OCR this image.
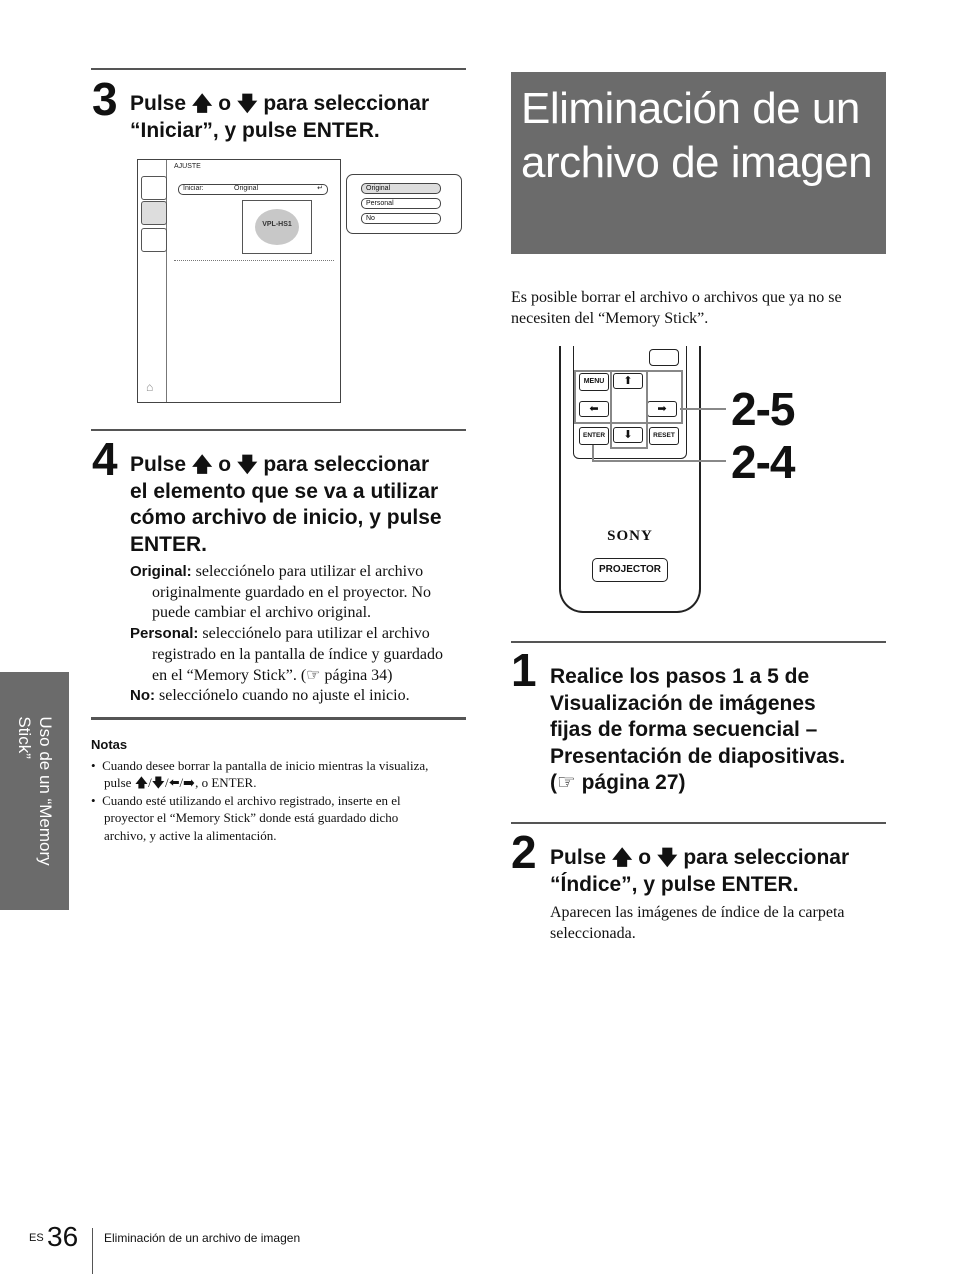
3 Pulse 🡅 o 🡇 para seleccionar
“Iniciar”, y pulse ENTER.
AJUSTE
⌂
Iniciar:	Original	↵
VPL-HS1
Original
Personal
No
4 Pulse 🡅 o 🡇 para seleccionar
el elemento que se va a utilizar
cómo archivo de inicio, y pulse
ENTER.
Original: selecciónelo para utilizar el archivo
originalmente guardado en el proyector. No
puede cambiar el archivo original.
Personal: selecciónelo para utilizar el archivo
registrado en la pantalla de índice y guardado
en el “Memory Stick”. (☞ página 34)
No: selecciónelo cuando no ajuste el inicio.
Notas
•  Cuando desee borrar la pantalla de inicio mientras la visualiza,
pulse 🡅/🡇/⬅/➡, o ENTER.
•  Cuando esté utilizando el archivo registrado, inserte en el
proyector el “Memory Stick” donde está guardado dicho
archivo, y active la alimentación.
Uso de un “Memory
Stick”
Eliminación de un
archivo de imagen
Es posible borrar el archivo o archivos que ya no se
necesiten del “Memory Stick”.
MENU	⬆
⬅	➡
ENTER	⬇	RESET
SONY
PROJECTOR
2-5
2-4
1 Realice los pasos 1 a 5 de
Visualización de imágenes
fijas de forma secuencial –
Presentación de diapositivas.
(☞ página 27)
2 Pulse 🡅 o 🡇 para seleccionar
“Índice”, y pulse ENTER.
Aparecen las imágenes de índice de la carpeta
seleccionada.
ES 36 Eliminación de un archivo de imagen
